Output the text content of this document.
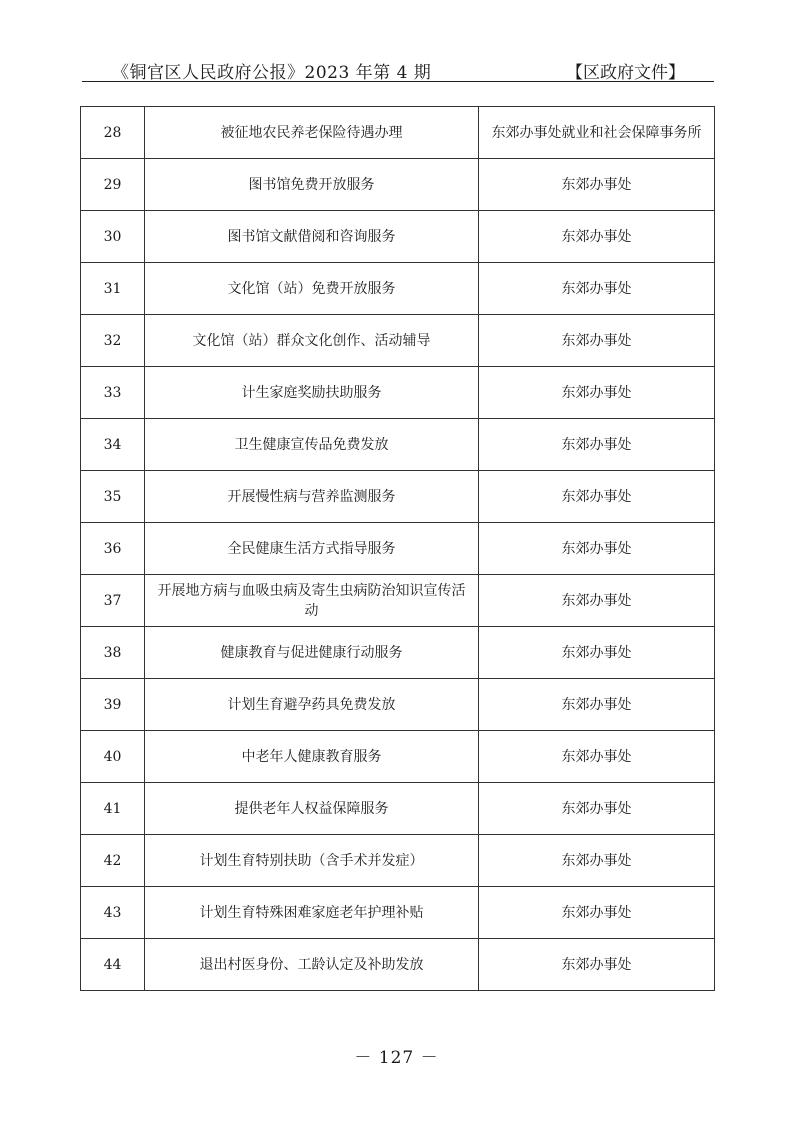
《铜官区人民政府公报》2023 年第 4 期	【区政府文件】
28	被征地农民养老保险待遇办理	东郊办事处就业和社会保障事务所
29	图书馆免费开放服务	东郊办事处
30	图书馆文献借阅和咨询服务	东郊办事处
31	文化馆（站）免费开放服务	东郊办事处
32	文化馆（站）群众文化创作、活动辅导	东郊办事处
33	计生家庭奖励扶助服务	东郊办事处
34	卫生健康宣传品免费发放	东郊办事处
35	开展慢性病与营养监测服务	东郊办事处
36	全民健康生活方式指导服务	东郊办事处
37	开展地方病与血吸虫病及寄生虫病防治知识宣传活动	东郊办事处
38	健康教育与促进健康行动服务	东郊办事处
39	计划生育避孕药具免费发放	东郊办事处
40	中老年人健康教育服务	东郊办事处
41	提供老年人权益保障服务	东郊办事处
42	计划生育特别扶助（含手术并发症）	东郊办事处
43	计划生育特殊困难家庭老年护理补贴	东郊办事处
44	退出村医身份、工龄认定及补助发放	东郊办事处
－ 127 －
